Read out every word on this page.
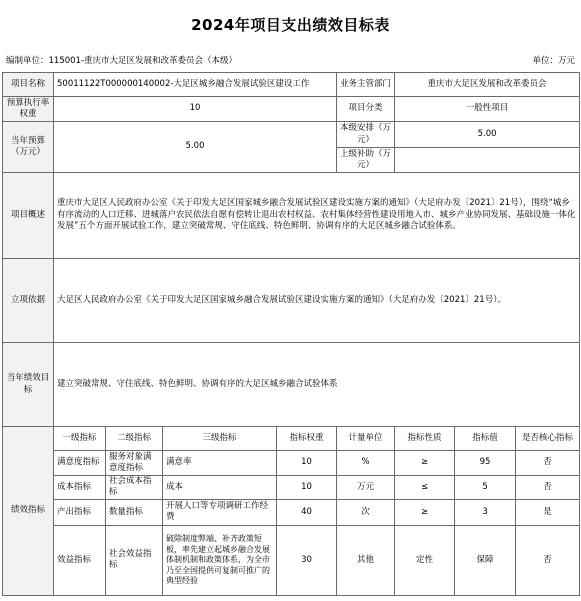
2024年项目支出绩效目标表
编制单位：115001-重庆市大足区发展和改革委员会（本级）	单位：万元
项目名称	50011122T000000140002-大足区城乡融合发展试验区建设工作				业务主管部门	重庆市大足区发展和改革委员会		
预算执行率权重	10				项目分类	一般性项目		
当年预算（万元）	5.00				本级安排（万元）	5.00		
					上级补助（万元）			
项目概述	重庆市大足区人民政府办公室《关于印发大足区国家城乡融合发展试验区建设实施方案的通知》（大足府办发〔2021〕21号），围绕“城乡有序流动的人口迁移、进城落户农民依法自愿有偿转让退出农村权益、农村集体经营性建设用地入市、城乡产业协同发展、基础设施一体化发展”五个方面开展试验工作，建立突破常规、守住底线、特色鲜明、协调有序的大足区城乡融合试验体系。							
立项依据	大足区人民政府办公室《关于印发大足区国家城乡融合发展试验区建设实施方案的通知》（大足府办发〔2021〕21号）。							
当年绩效目标	建立突破常规、守住底线、特色鲜明、协调有序的大足区城乡融合试验体系							
绩效指标	一级指标	二级指标	三级指标	指标权重	计量单位	指标性质	指标值	是否核心指标
	满意度指标	服务对象满意度指标	满意率	10	%	≥	95	否
	成本指标	社会成本指标	成本	10	万元	≤	5	否
	产出指标	数量指标	开展人口等专项调研工作经费	40	次	≥	3	是
	效益指标	社会效益指标	破除制度弊端、补齐政策短板，率先建立起城乡融合发展体制机制和政策体系，为全市乃至全国提供可复制可推广的典型经验	30	其他	定性	保障	否
